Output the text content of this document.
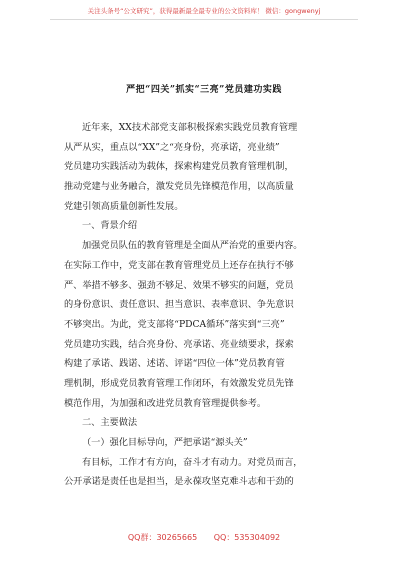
关注头条号“公文研究”，获得最新最全最专业的公文资料库！ 微信：gongwenyj
严把“四关”抓实“三亮”党员建功实践
近年来，XX技术部党支部积极探索实践党员教育管理
从严从实，重点以“XX”之“亮身份，亮承诺，亮业绩”
党员建功实践活动为载体，探索构建党员教育管理机制，
推动党建与业务融合，激发党员先锋模范作用，以高质量
党建引领高质量创新性发展。
一、背景介绍
加强党员队伍的教育管理是全面从严治党的重要内容。
在实际工作中，党支部在教育管理党员上还存在执行不够
严、举措不够多、强劲不够足、效果不够实的问题，党员
的身份意识、责任意识、担当意识、表率意识、争先意识
不够突出。为此，党支部将“PDCA循环”落实到“三亮”
党员建功实践，结合亮身份、亮承诺、亮业绩要求，探索
构建了承诺、践诺、述诺、评诺“四位一体”党员教育管
理机制，形成党员教育管理工作闭环，有效激发党员先锋
模范作用，为加强和改进党员教育管理提供参考。
二、主要做法
（一）强化目标导向，严把承诺“源头关”
有目标，工作才有方向，奋斗才有动力。对党员而言，
公开承诺是责任也是担当，是永葆攻坚克难斗志和干劲的
QQ群：30265665 QQ：535304092
